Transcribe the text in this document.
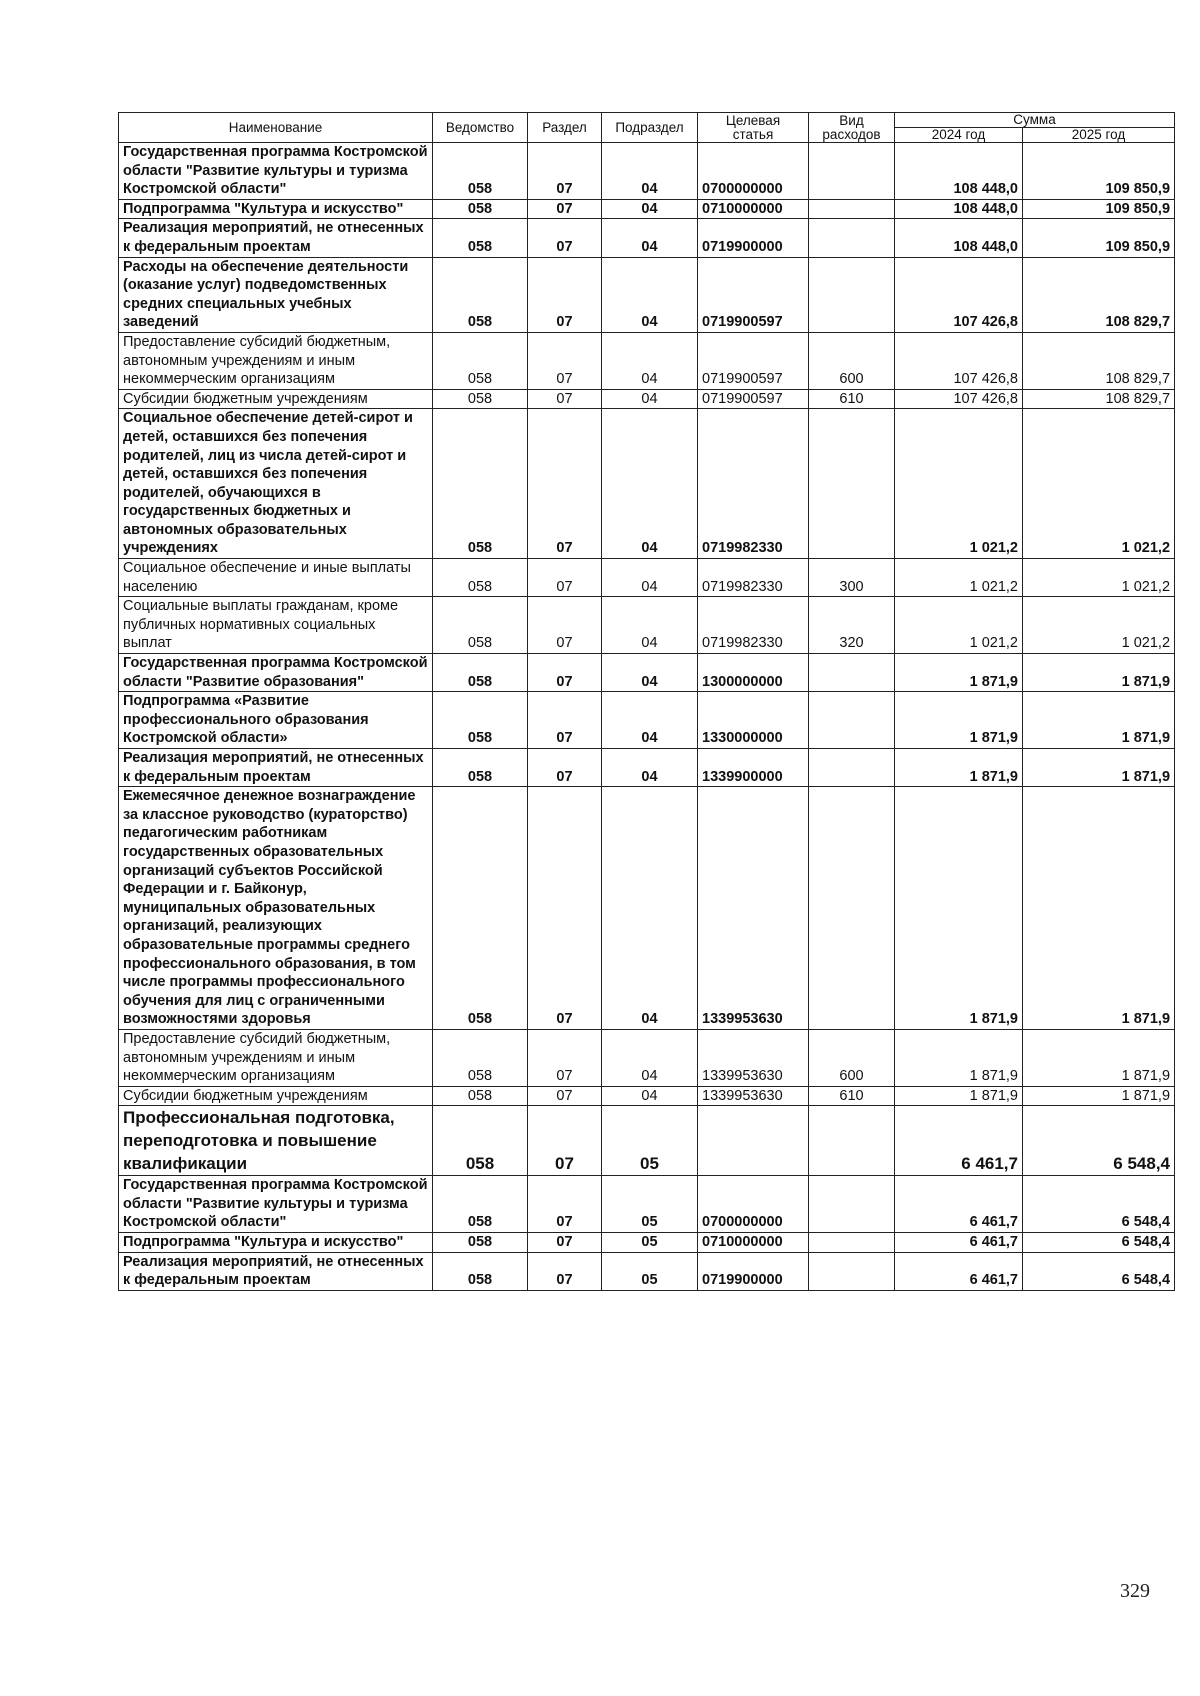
Наименование	Ведомство	Раздел	Подраздел	Целевая статья	Вид расходов	Сумма	
						2024 год	2025 год
Государственная программа Костромской области "Развитие культуры и туризма Костромской области"	058	07	04	0700000000		108 448,0	109 850,9
Подпрограмма "Культура и искусство"	058	07	04	0710000000		108 448,0	109 850,9
Реализация мероприятий, не отнесенных к федеральным проектам	058	07	04	0719900000		108 448,0	109 850,9
Расходы на обеспечение деятельности (оказание услуг) подведомственных средних специальных учебных заведений	058	07	04	0719900597		107 426,8	108 829,7
Предоставление субсидий бюджетным, автономным учреждениям и иным некоммерческим организациям	058	07	04	0719900597	600	107 426,8	108 829,7
Субсидии бюджетным учреждениям	058	07	04	0719900597	610	107 426,8	108 829,7
Социальное обеспечение детей-сирот и детей, оставшихся без попечения родителей, лиц из числа детей-сирот и детей, оставшихся без попечения родителей, обучающихся в государственных бюджетных и автономных образовательных учреждениях	058	07	04	0719982330		1 021,2	1 021,2
Социальное обеспечение и иные выплаты населению	058	07	04	0719982330	300	1 021,2	1 021,2
Социальные выплаты гражданам, кроме публичных нормативных социальных выплат	058	07	04	0719982330	320	1 021,2	1 021,2
Государственная программа Костромской области "Развитие образования"	058	07	04	1300000000		1 871,9	1 871,9
Подпрограмма «Развитие профессионального образования Костромской области»	058	07	04	1330000000		1 871,9	1 871,9
Реализация мероприятий, не отнесенных к федеральным проектам	058	07	04	1339900000		1 871,9	1 871,9
Ежемесячное денежное вознаграждение за классное руководство (кураторство) педагогическим работникам государственных образовательных организаций субъектов Российской Федерации и г. Байконур, муниципальных образовательных организаций, реализующих образовательные программы среднего профессионального образования, в том числе программы профессионального обучения для лиц с ограниченными возможностями здоровья	058	07	04	1339953630		1 871,9	1 871,9
Предоставление субсидий бюджетным, автономным учреждениям и иным некоммерческим организациям	058	07	04	1339953630	600	1 871,9	1 871,9
Субсидии бюджетным учреждениям	058	07	04	1339953630	610	1 871,9	1 871,9
Профессиональная подготовка, переподготовка и повышение квалификации	058	07	05			6 461,7	6 548,4
Государственная программа Костромской области "Развитие культуры и туризма Костромской области"	058	07	05	0700000000		6 461,7	6 548,4
Подпрограмма "Культура и искусство"	058	07	05	0710000000		6 461,7	6 548,4
Реализация мероприятий, не отнесенных к федеральным проектам	058	07	05	0719900000		6 461,7	6 548,4
329
